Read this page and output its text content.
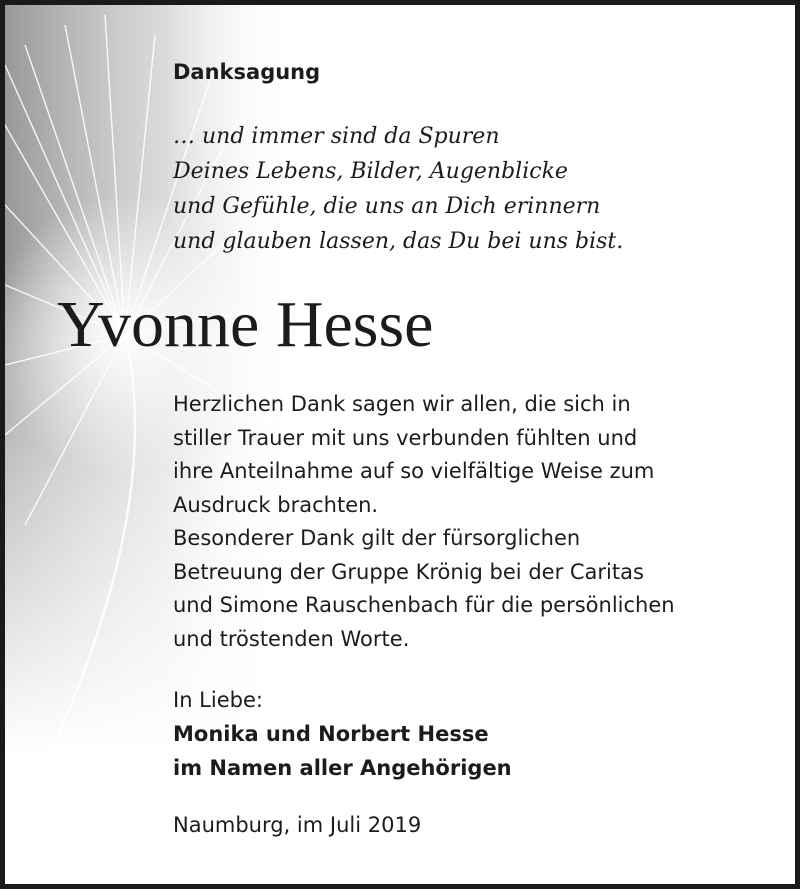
Danksagung
… und immer sind da Spuren
Deines Lebens, Bilder, Augenblicke
und Gefühle, die uns an Dich erinnern
und glauben lassen, das Du bei uns bist.
Yvonne Hesse
Herzlichen Dank sagen wir allen, die sich in
stiller Trauer mit uns verbunden fühlten und
ihre Anteilnahme auf so vielfältige Weise zum
Ausdruck brachten.
Besonderer Dank gilt der fürsorglichen
Betreuung der Gruppe Krönig bei der Caritas
und Simone Rauschenbach für die persönlichen
und tröstenden Worte.
In Liebe:
Monika und Norbert Hesse
im Namen aller Angehörigen
Naumburg, im Juli 2019
